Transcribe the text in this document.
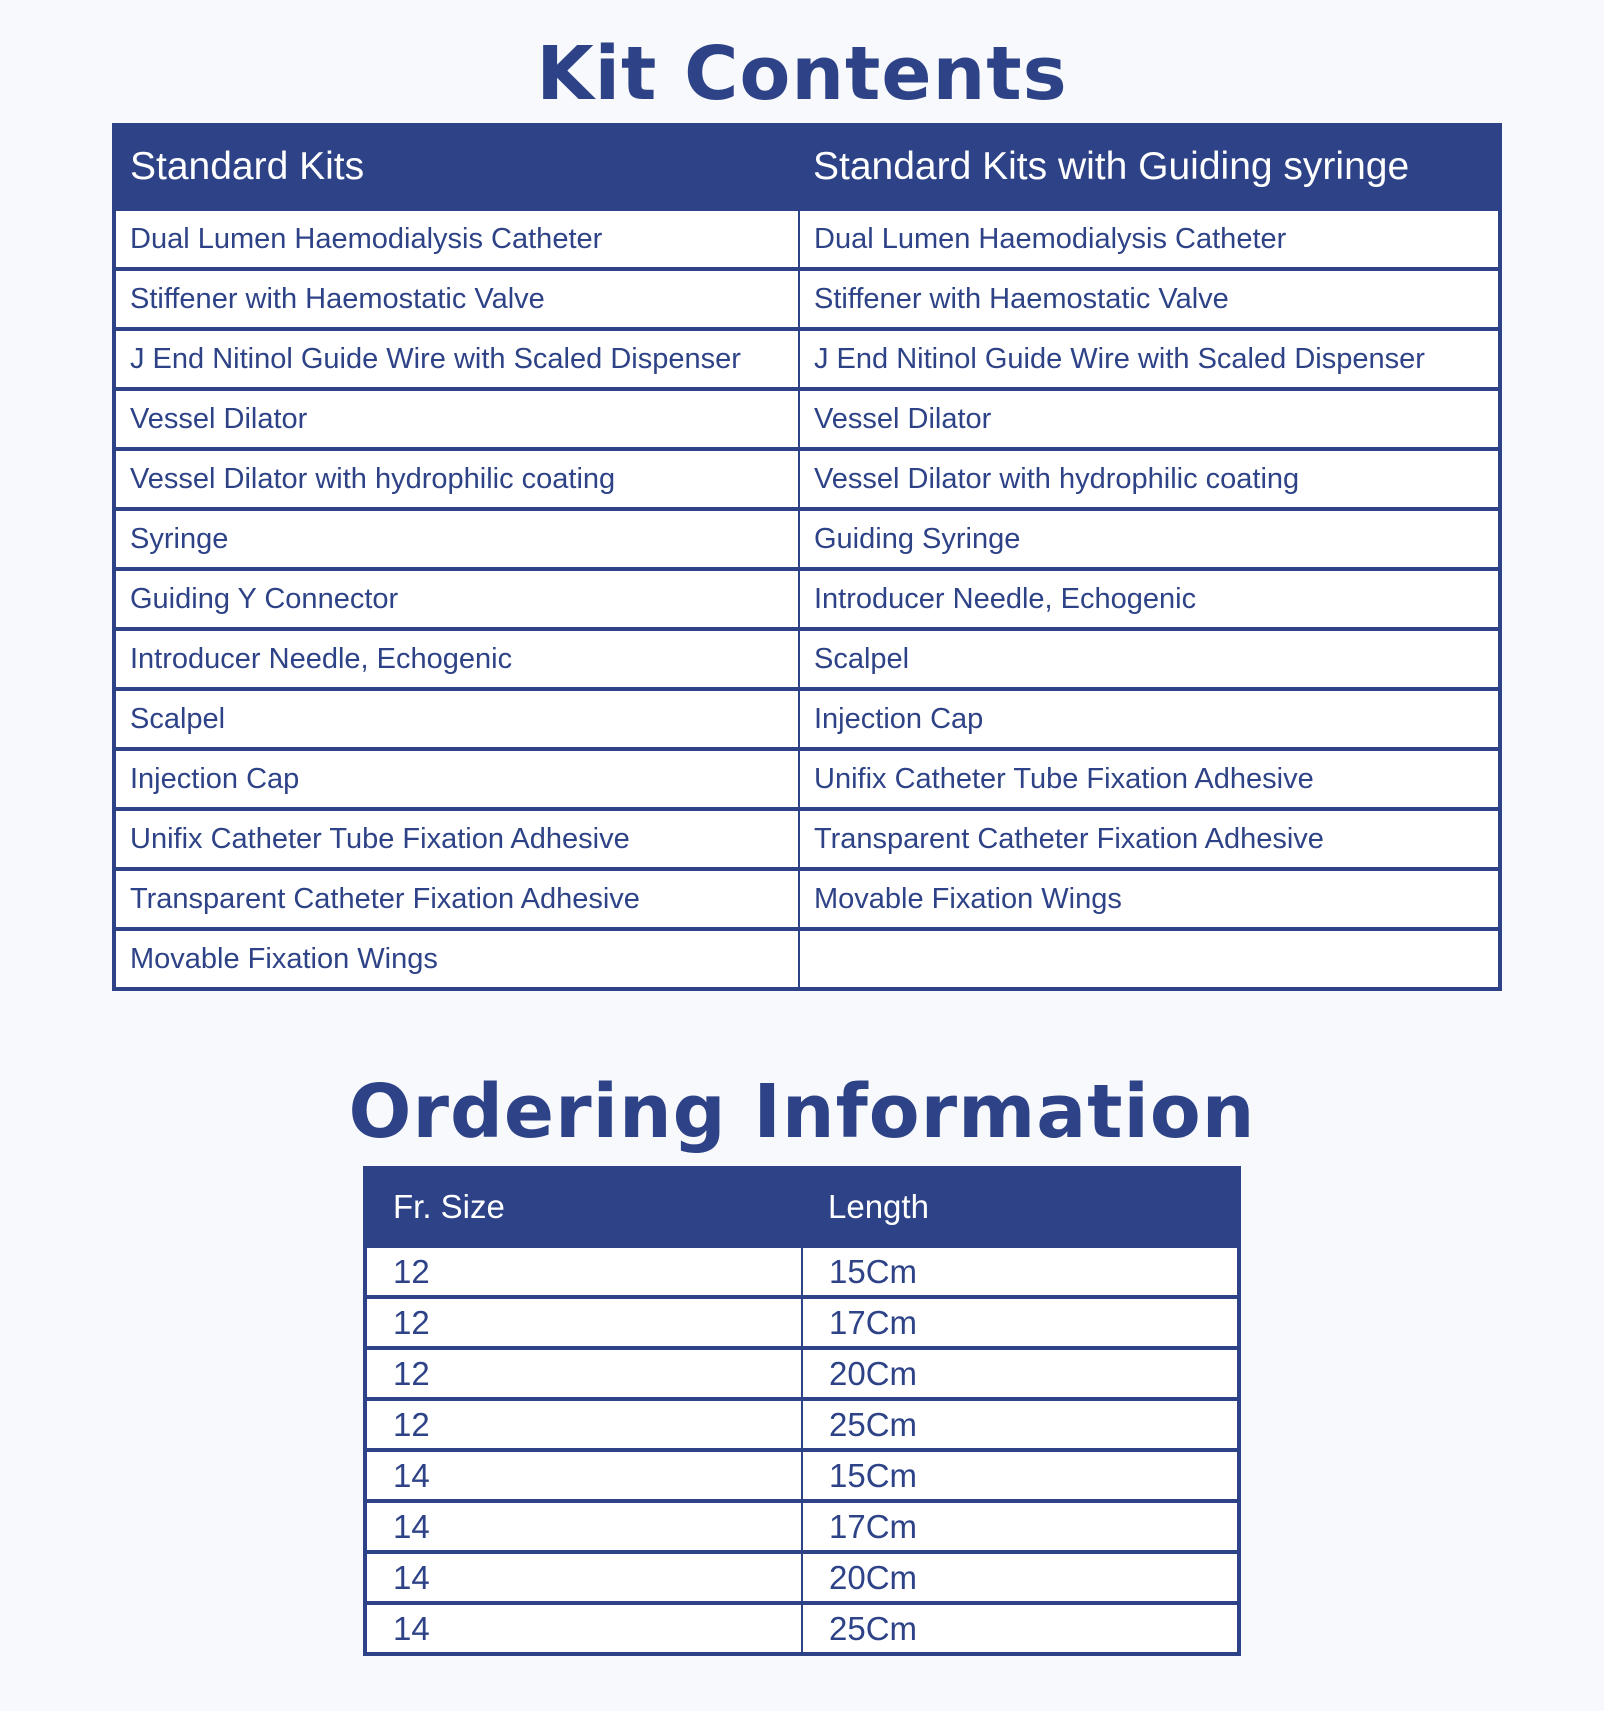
Kit Contents
Standard Kits	Standard Kits with Guiding syringe
Dual Lumen Haemodialysis Catheter	Dual Lumen Haemodialysis Catheter
Stiffener with Haemostatic Valve	Stiffener with Haemostatic Valve
J End Nitinol Guide Wire with Scaled Dispenser	J End Nitinol Guide Wire with Scaled Dispenser
Vessel Dilator	Vessel Dilator
Vessel Dilator with hydrophilic coating	Vessel Dilator with hydrophilic coating
Syringe	Guiding Syringe
Guiding Y Connector	Introducer Needle, Echogenic
Introducer Needle, Echogenic	Scalpel
Scalpel	Injection Cap
Injection Cap	Unifix Catheter Tube Fixation Adhesive
Unifix Catheter Tube Fixation Adhesive	Transparent Catheter Fixation Adhesive
Transparent Catheter Fixation Adhesive	Movable Fixation Wings
Movable Fixation Wings	
Ordering Information
Fr. Size	Length
12	15Cm
12	17Cm
12	20Cm
12	25Cm
14	15Cm
14	17Cm
14	20Cm
14	25Cm
